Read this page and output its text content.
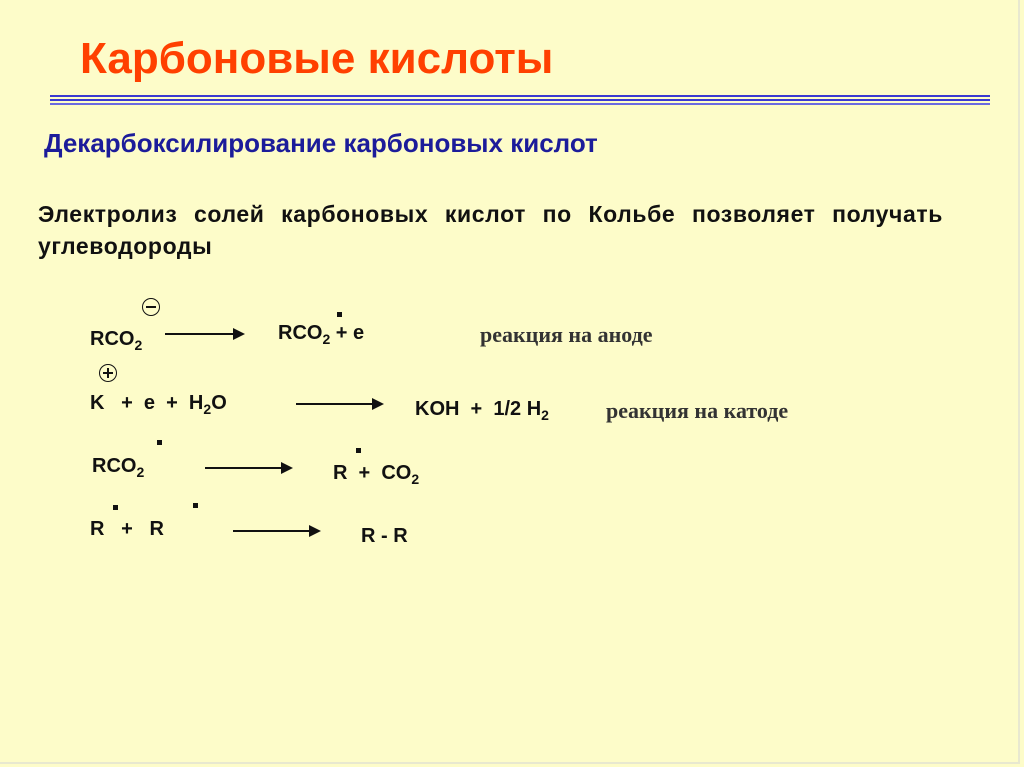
Карбоновые кислоты
Декарбоксилирование карбоновых кислот
Электролиз солей карбоновых кислот по Кольбе позволяет получать углеводороды
$RCO_2$
$RCO_2 + e$	реакция на аноде
$K + e + H_2O$	KOH  +  1/2 $H_2$	реакция на катоде
$RCO_2$	$R + CO_2$
R   +   R	R - R
